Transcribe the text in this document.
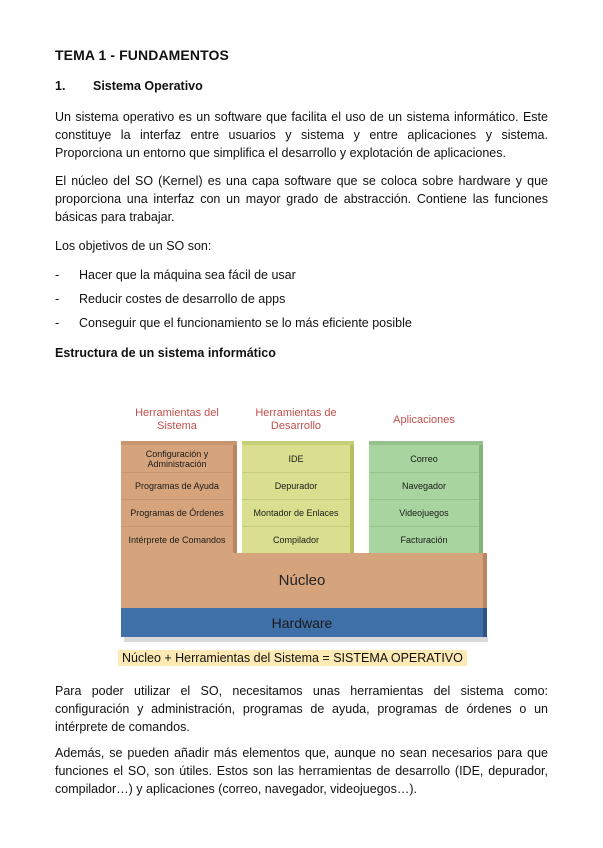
TEMA 1 - FUNDAMENTOS
1. Sistema Operativo

Un sistema operativo es un software que facilita el uso de un sistema informático. Este constituye la interfaz entre usuarios y sistema y entre aplicaciones y sistema. Proporciona un entorno que simplifica el desarrollo y explotación de aplicaciones.

El núcleo del SO (Kernel) es una capa software que se coloca sobre hardware y que proporciona una interfaz con un mayor grado de abstracción. Contiene las funciones básicas para trabajar.

Los objetivos de un SO son:

- Hacer que la máquina sea fácil de usar
- Reducir costes de desarrollo de apps
- Conseguir que el funcionamiento se lo más eficiente posible
Estructura de un sistema informático

Para poder utilizar el SO, necesitamos unas herramientas del sistema como: configuración y administración, programas de ayuda, programas de órdenes o un intérprete de comandos.

Además, se pueden añadir más elementos que, aunque no sean necesarios para que funciones el SO, son útiles. Estos son las herramientas de desarrollo (IDE, depurador, compilador…) y aplicaciones (correo, navegador, videojuegos…).

Herramientas del Sistema
Herramientas de Desarrollo	Aplicaciones
Configuración y Administración
Programas de Ayuda
Programas de Órdenes
Intérprete de Comandos
IDE
Depurador
Montador de Enlaces
Compilador
Correo
Navegador
Videojuegos
Facturación
Núcleo
Hardware
Núcleo + Herramientas del Sistema = SISTEMA OPERATIVO
